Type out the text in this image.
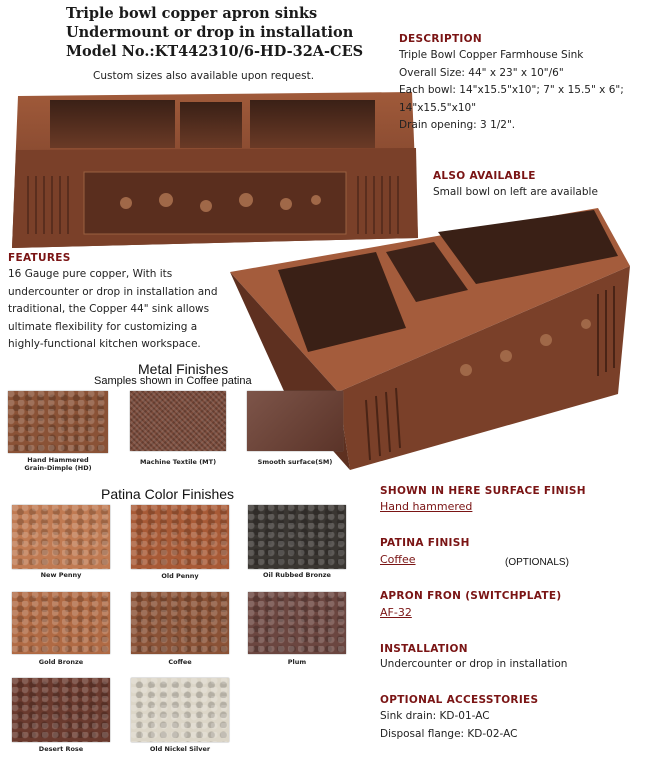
Triple bowl copper apron sinks
Undermount or drop in installation
Model No.:KT442310/6-HD-32A-CES
Custom sizes also available upon request.
DESCRIPTION
Triple Bowl Copper Farmhouse Sink
Overall Size: 44" x 23" x 10"/6"
Each bowl: 14"x15.5"x10"; 7" x 15.5" x 6";
14"x15.5"x10"
Drain opening: 3 1/2".
ALSO AVAILABLE
Small bowl on left are available
FEATURES
16 Gauge pure copper, With its
undercounter or drop in installation and
traditional, the Copper 44" sink allows
ultimate flexibility for customizing a
highly-functional kitchen workspace.
Metal Finishes
Samples shown in Coffee patina
Hand Hammered
Grain-Dimple (HD)
Machine Textile (MT)	Smooth surface(SM)
Patina Color Finishes
New Penny	Old Penny	Oil Rubbed Bronze
Gold Bronze	Coffee	Plum
Desert Rose	Old Nickel Silver
SHOWN IN HERE SURFACE FINISH
Hand hammered
PATINA FINISH
Coffee	(OPTIONALS)
APRON FRON (SWITCHPLATE)
AF-32
INSTALLATION
Undercounter or drop in installation
OPTIONAL ACCESSTORIES
Sink drain: KD-01-AC
Disposal flange: KD-02-AC
